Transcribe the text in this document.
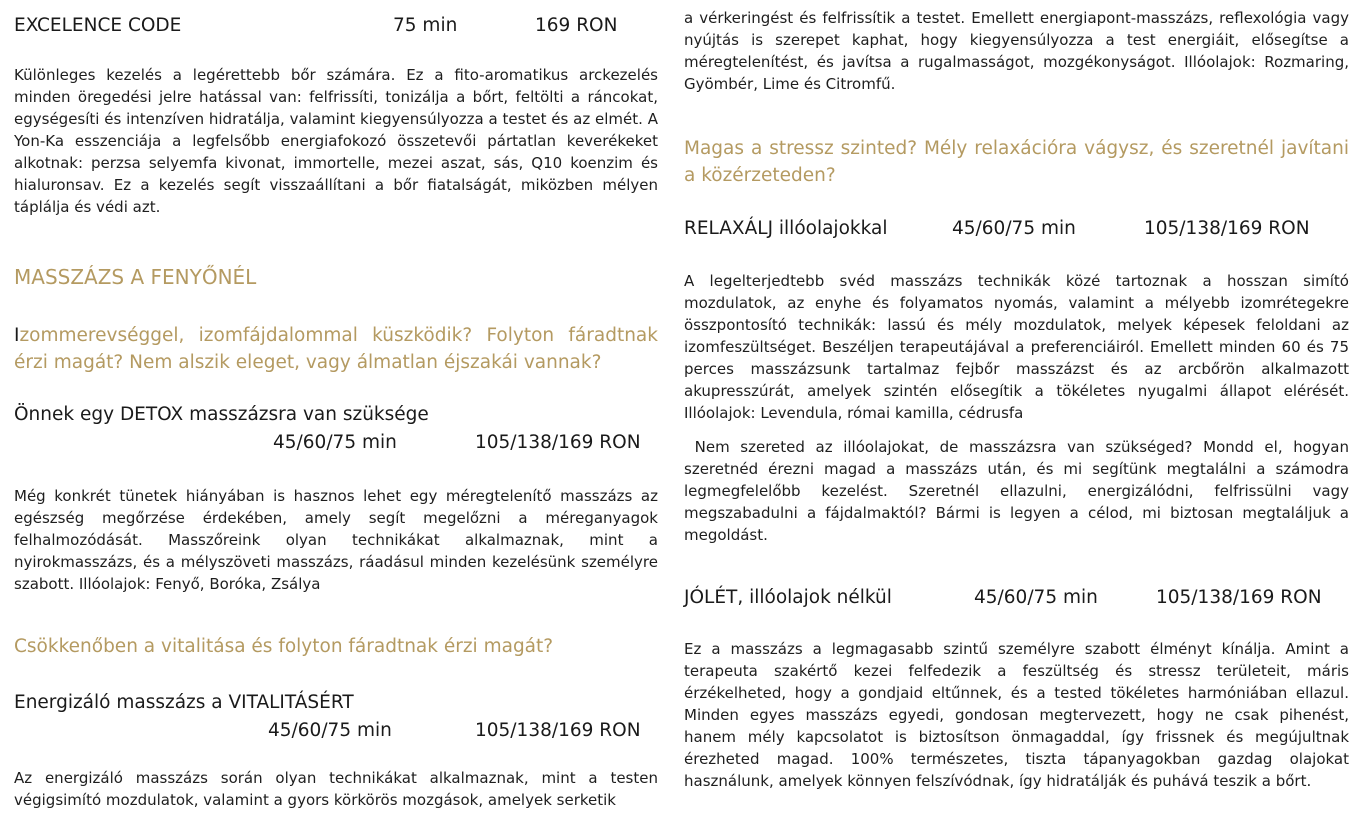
EXCELENCE CODE	75 min	169 RON

Különleges kezelés a legérettebb bőr számára. Ez a fito-aromatikus arckezelés minden öregedési jelre hatással van: felfrissíti, tonizálja a bőrt, feltölti a ráncokat, egységesíti és intenzíven hidratálja, valamint kiegyensúlyozza a testet és az elmét. A Yon-Ka esszenciája a legfelsőbb energiafokozó összetevői pártatlan keverékeket alkotnak: perzsa selyemfa kivonat, immortelle, mezei aszat, sás, Q10 koenzim és hialuronsav. Ez a kezelés segít visszaállítani a bőr fiatalságát, miközben mélyen táplálja és védi azt.

MASSZÁZS A FENYŐNÉL

Izommerevséggel, izomfájdalommal küszködik? Folyton fáradtnak érzi magát? Nem alszik eleget, vagy álmatlan éjszakái vannak?

Önnek egy DETOX masszázsra van szüksége
45/60/75 min	105/138/169 RON

Még konkrét tünetek hiányában is hasznos lehet egy méregtelenítő masszázs az egészség megőrzése érdekében, amely segít megelőzni a méreganyagok felhalmozódását. Masszőreink olyan technikákat alkalmaznak, mint a nyirokmasszázs, és a mélyszöveti masszázs, ráadásul minden kezelésünk személyre szabott. Illóolajok: Fenyő, Boróka, Zsálya

Csökkenőben a vitalitása és folyton fáradtnak érzi magát?
Energizáló masszázs a VITALITÁSÉRT
45/60/75 min	105/138/169 RON

Az energizáló masszázs során olyan technikákat alkalmaznak, mint a testen végigsimító mozdulatok, valamint a gyors körkörös mozgások, amelyek serketik

a vérkeringést és felfrissítik a testet. Emellett energiapont-masszázs, reflexológia vagy nyújtás is szerepet kaphat, hogy kiegyensúlyozza a test energiáit, elősegítse a méregtelenítést, és javítsa a rugalmasságot, mozgékonyságot. Illóolajok: Rozmaring, Gyömbér, Lime és Citromfű.

Magas a stressz szinted? Mély relaxációra vágysz, és szeretnél javítani a közérzeteden?

RELAXÁLJ illóolajokkal	45/60/75 min	105/138/169 RON

A legelterjedtebb svéd masszázs technikák közé tartoznak a hosszan simító mozdulatok, az enyhe és folyamatos nyomás, valamint a mélyebb izomrétegekre összpontosító technikák: lassú és mély mozdulatok, melyek képesek feloldani az izomfeszültséget. Beszéljen terapeutájával a preferenciáiról. Emellett minden 60 és 75 perces masszázsunk tartalmaz fejbőr masszázst és az arcbőrön alkalmazott akupresszúrát, amelyek szintén elősegítik a tökéletes nyugalmi állapot elérését. Illóolajok: Levendula, római kamilla, cédrusfa

Nem szereted az illóolajokat, de masszázsra van szükséged? Mondd el, hogyan szeretnéd érezni magad a masszázs után, és mi segítünk megtalálni a számodra legmegfelelőbb kezelést. Szeretnél ellazulni, energizálódni, felfrissülni vagy megszabadulni a fájdalmaktól? Bármi is legyen a célod, mi biztosan megtaláljuk a megoldást.

JÓLÉT, illóolajok nélkül	45/60/75 min	105/138/169 RON

Ez a masszázs a legmagasabb szintű személyre szabott élményt kínálja. Amint a terapeuta szakértő kezei felfedezik a feszültség és stressz területeit, máris érzékelheted, hogy a gondjaid eltűnnek, és a tested tökéletes harmóniában ellazul. Minden egyes masszázs egyedi, gondosan megtervezett, hogy ne csak pihenést, hanem mély kapcsolatot is biztosítson önmagaddal, így frissnek és megújultnak érezheted magad. 100% természetes, tiszta tápanyagokban gazdag olajokat használunk, amelyek könnyen felszívódnak, így hidratálják és puhává teszik a bőrt.
